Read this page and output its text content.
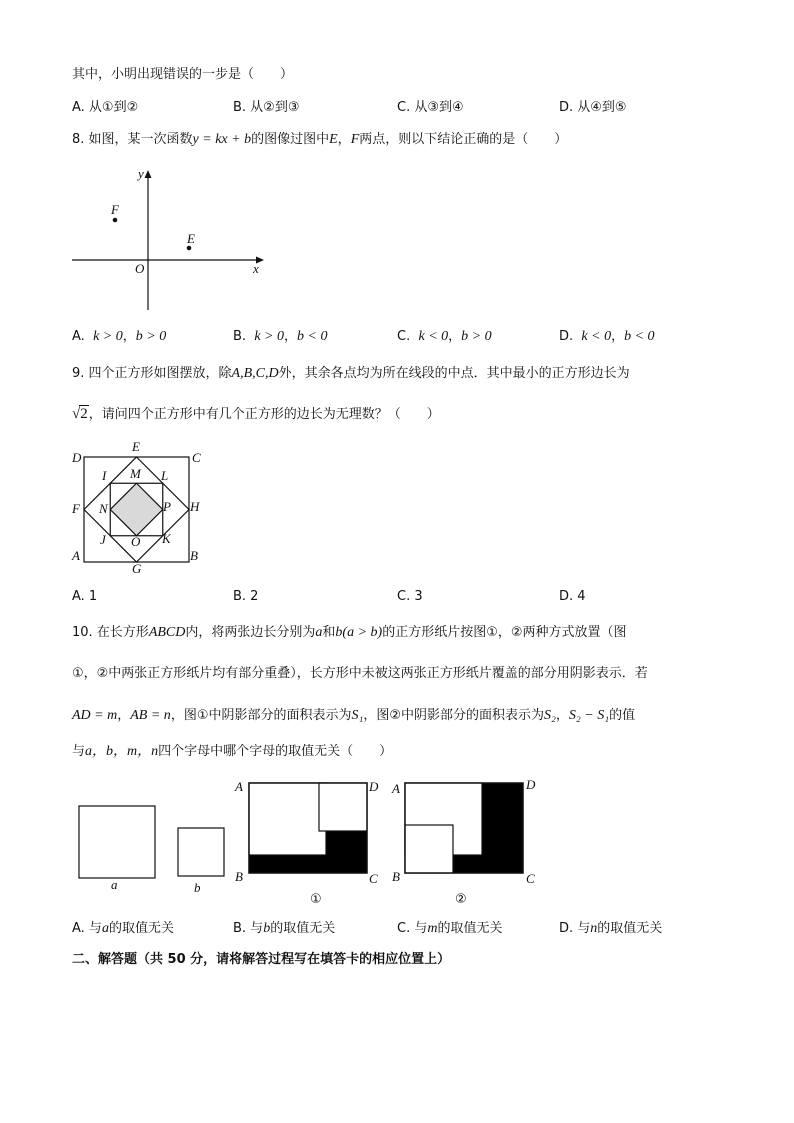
其中，小明出现错误的一步是（　　）
A. 从①到②	B. 从②到③	C. 从③到④	D. 从④到⑤
8. 如图，某一次函数y = kx + b的图像过图中E，F两点，则以下结论正确的是（　　）
y
x
O
F
E
A. k > 0，b > 0	B. k > 0，b < 0	C. k < 0，b > 0	D. k < 0，b < 0
9. 四个正方形如图摆放，除A,B,C,D外，其余各点均为所在线段的中点．其中最小的正方形边长为
√2，请问四个正方形中有几个正方形的边长为无理数？（　　）
D
E
C
I M L
F N	P H
J O K
A
G
B
A. 1	B. 2	C. 3	D. 4
10. 在长方形ABCD内，将两张边长分别为a和b(a > b)的正方形纸片按图①，②两种方式放置（图
①，②中两张正方形纸片均有部分重叠），长方形中未被这两张正方形纸片覆盖的部分用阴影表示．若
AD = m，AB = n，图①中阴影部分的面积表示为S₁，图②中阴影部分的面积表示为S₂，S₂ − S₁的值
与a，b，m，n四个字母中哪个字母的取值无关（　　）
a	b
A	D
B	C
①
A	D
B	C
②
A. 与a的取值无关	B. 与b的取值无关	C. 与m的取值无关	D. 与n的取值无关
二、解答题（共 50 分，请将解答过程写在填答卡的相应位置上）
